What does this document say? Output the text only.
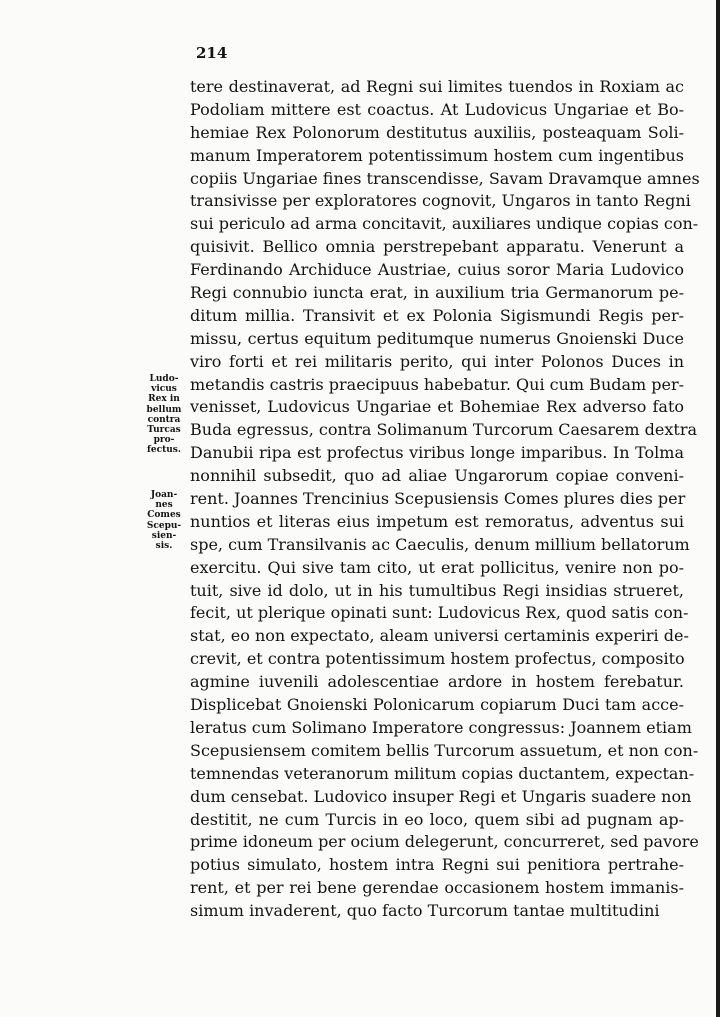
214
tere destinaverat, ad Regni sui limites tuendos in Roxiam ac
Podoliam mittere est coactus. At Ludovicus Ungariae et Bo-
hemiae Rex Polonorum destitutus auxiliis, posteaquam Soli-
manum Imperatorem potentissimum hostem cum ingentibus
copiis Ungariae fines transcendisse, Savam Dravamque amnes
transivisse per exploratores cognovit, Ungaros in tanto Regni
sui periculo ad arma concitavit, auxiliares undique copias con-
quisivit. Bellico omnia perstrepebant apparatu. Venerunt a
Ferdinando Archiduce Austriae, cuius soror Maria Ludovico
Regi connubio iuncta erat, in auxilium tria Germanorum pe-
ditum millia. Transivit et ex Polonia Sigismundi Regis per-
missu, certus equitum peditumque numerus Gnoienski Duce
viro forti et rei militaris perito, qui inter Polonos Duces in
metandis castris praecipuus habebatur. Qui cum Budam per-
venisset, Ludovicus Ungariae et Bohemiae Rex adverso fato
Buda egressus, contra Solimanum Turcorum Caesarem dextra
Danubii ripa est profectus viribus longe imparibus. In Tolma
nonnihil subsedit, quo ad aliae Ungarorum copiae conveni-
rent. Joannes Trencinius Scepusiensis Comes plures dies per
nuntios et literas eius impetum est remoratus, adventus sui
spe, cum Transilvanis ac Caeculis, denum millium bellatorum
exercitu. Qui sive tam cito, ut erat pollicitus, venire non po-
tuit, sive id dolo, ut in his tumultibus Regi insidias strueret,
fecit, ut plerique opinati sunt: Ludovicus Rex, quod satis con-
stat, eo non expectato, aleam universi certaminis experiri de-
crevit, et contra potentissimum hostem profectus, composito
agmine iuvenili adolescentiae ardore in hostem ferebatur.
Displicebat Gnoienski Polonicarum copiarum Duci tam acce-
leratus cum Solimano Imperatore congressus: Joannem etiam
Scepusiensem comitem bellis Turcorum assuetum, et non con-
temnendas veteranorum militum copias ductantem, expectan-
dum censebat. Ludovico insuper Regi et Ungaris suadere non
destitit, ne cum Turcis in eo loco, quem sibi ad pugnam ap-
prime idoneum per ocium delegerunt, concurreret, sed pavore
potius simulato, hostem intra Regni sui penitiora pertrahe-
rent, et per rei bene gerendae occasionem hostem immanis-
simum invaderent, quo facto Turcorum tantae multitudini
Ludo-
vicus
Rex in
bellum
contra
Turcas
pro-
fectus.
Joan-
nes
Comes
Scepu-
sien-
sis.
